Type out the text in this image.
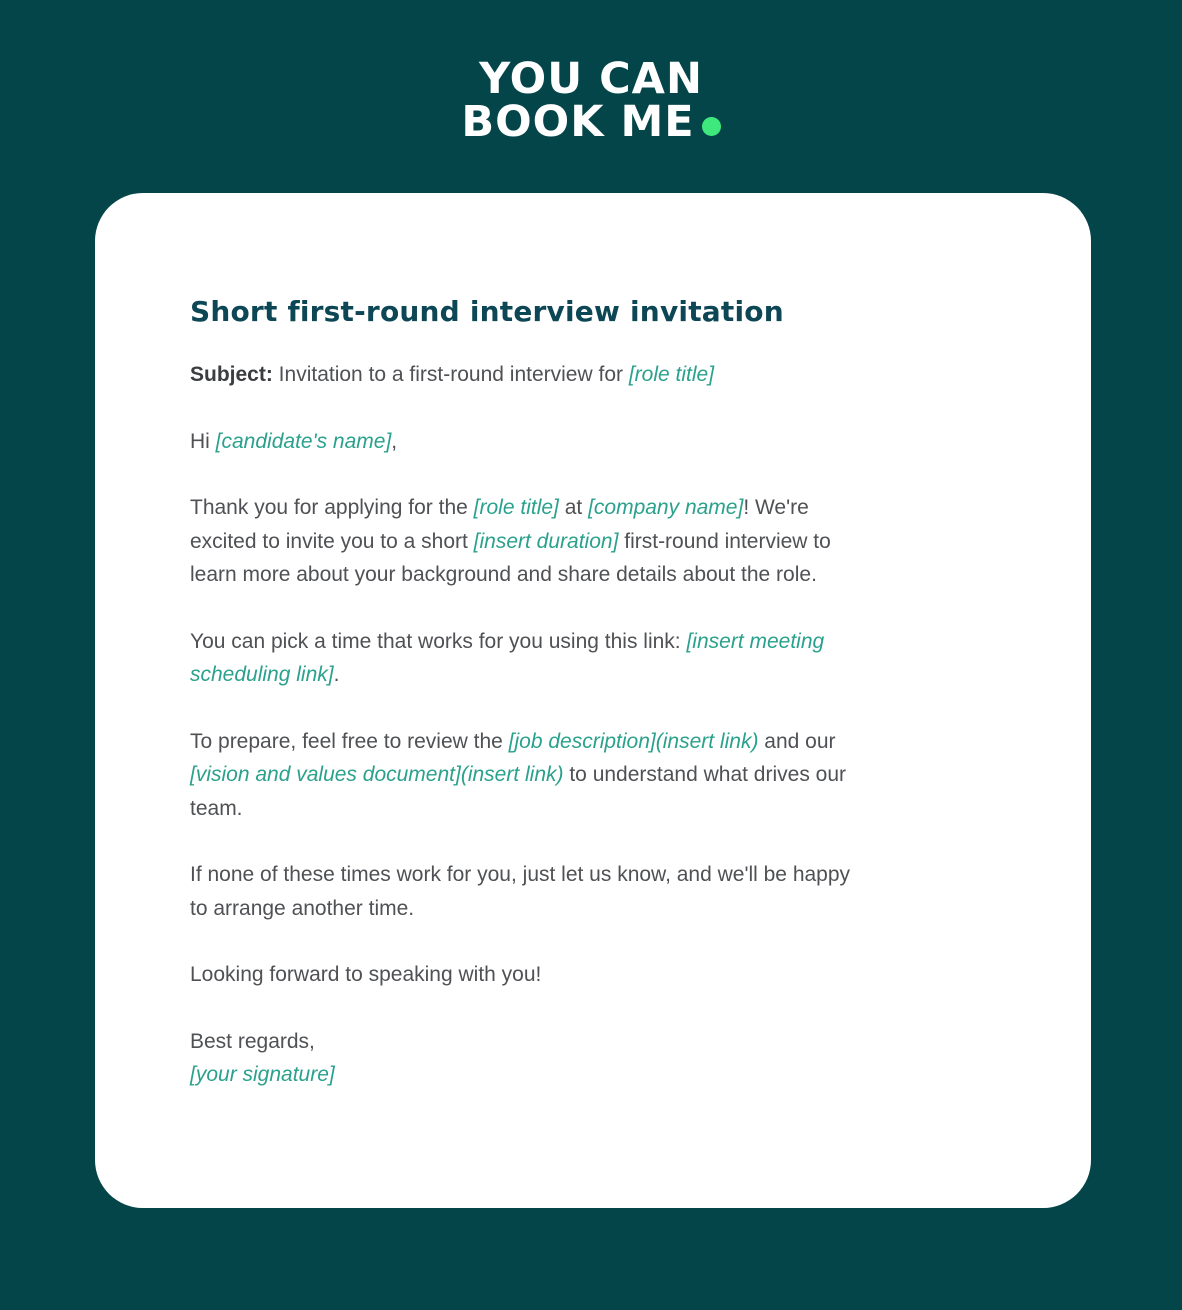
YOU CAN
BOOK ME
Short first-round interview invitation

Subject: Invitation to a first-round interview for [role title]

Hi [candidate's name],

Thank you for applying for the [role title] at [company name]! We're
excited to invite you to a short [insert duration] first-round interview to
learn more about your background and share details about the role.

You can pick a time that works for you using this link: [insert meeting
scheduling link].

To prepare, feel free to review the [job description](insert link) and our
[vision and values document](insert link) to understand what drives our
team.

If none of these times work for you, just let us know, and we'll be happy
to arrange another time.

Looking forward to speaking with you!

Best regards,
[your signature]
